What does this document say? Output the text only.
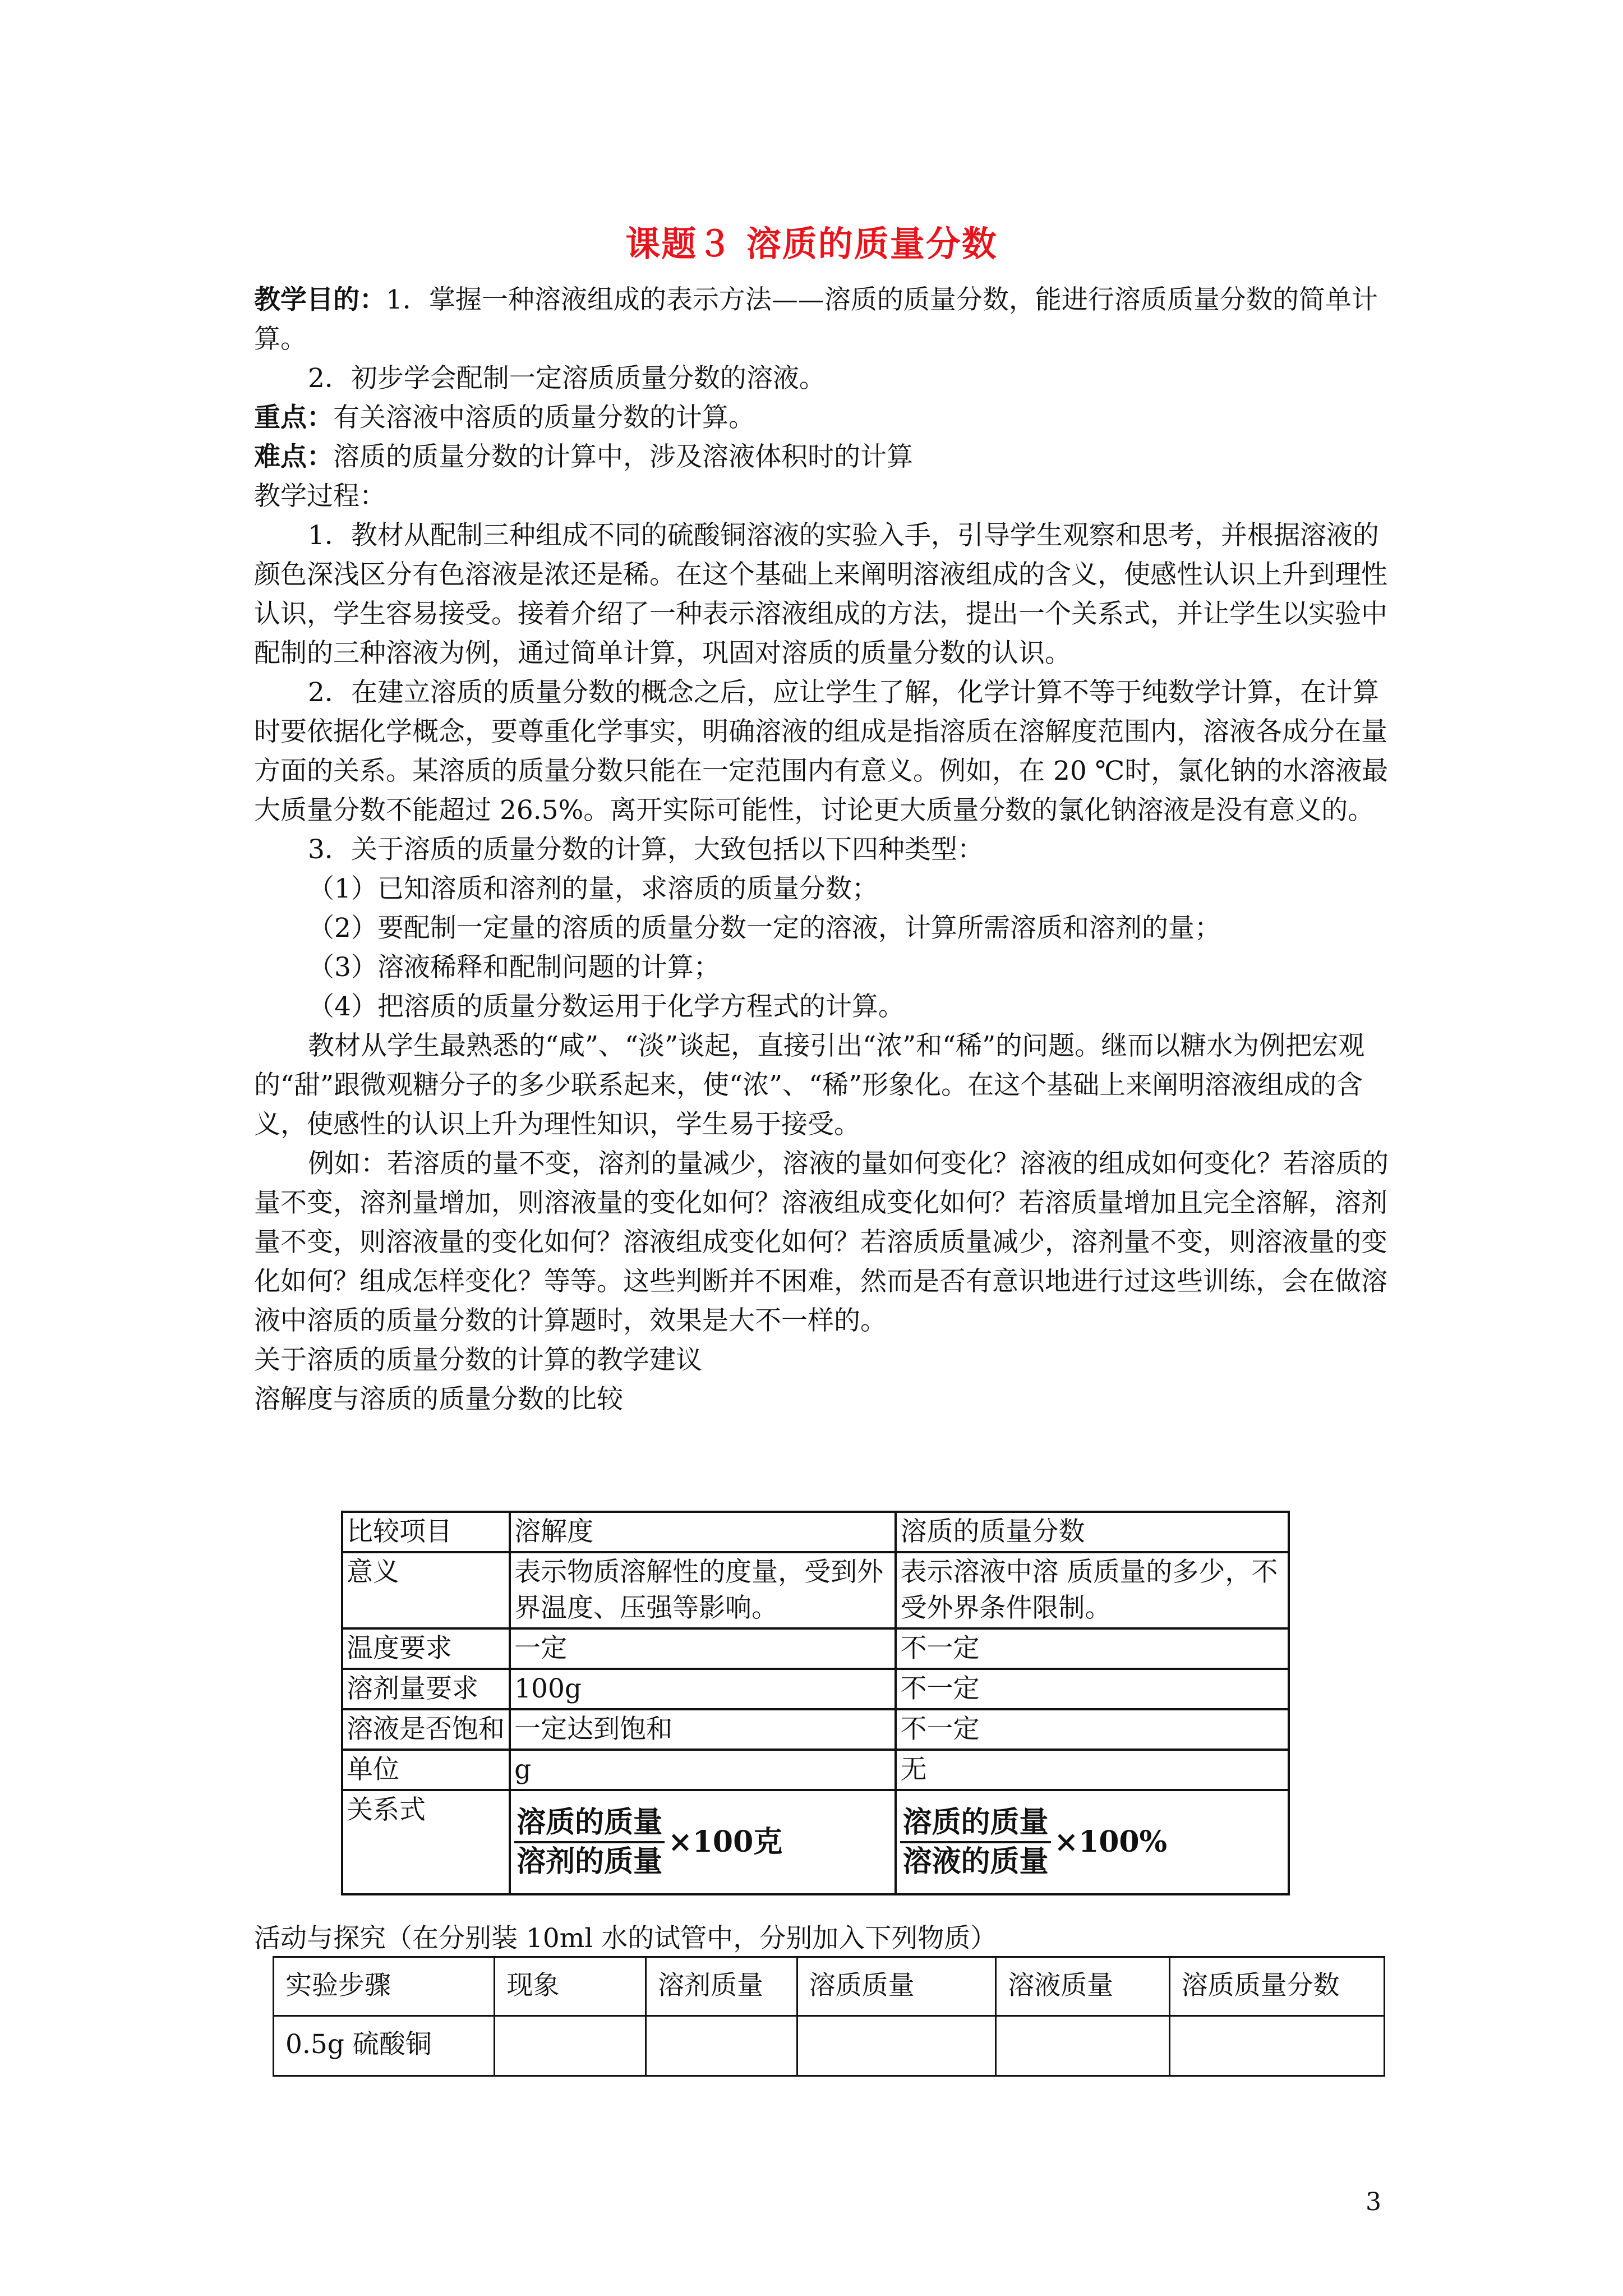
课题３ 溶质的质量分数

教学目的：1．掌握一种溶液组成的表示方法——溶质的质量分数，能进行溶质质量分数的简单计算。

2．初步学会配制一定溶质质量分数的溶液。

重点：有关溶液中溶质的质量分数的计算。

难点：溶质的质量分数的计算中，涉及溶液体积时的计算

教学过程：

1．教材从配制三种组成不同的硫酸铜溶液的实验入手，引导学生观察和思考，并根据溶液的颜色深浅区分有色溶液是浓还是稀。在这个基础上来阐明溶液组成的含义，使感性认识上升到理性认识，学生容易接受。接着介绍了一种表示溶液组成的方法，提出一个关系式，并让学生以实验中配制的三种溶液为例，通过简单计算，巩固对溶质的质量分数的认识。

2．在建立溶质的质量分数的概念之后，应让学生了解，化学计算不等于纯数学计算，在计算时要依据化学概念，要尊重化学事实，明确溶液的组成是指溶质在溶解度范围内，溶液各成分在量方面的关系。某溶质的质量分数只能在一定范围内有意义。例如，在 20 ℃时，氯化钠的水溶液最大质量分数不能超过 26.5%。离开实际可能性，讨论更大质量分数的氯化钠溶液是没有意义的。

3．关于溶质的质量分数的计算，大致包括以下四种类型：

（1）已知溶质和溶剂的量，求溶质的质量分数；

（2）要配制一定量的溶质的质量分数一定的溶液，计算所需溶质和溶剂的量；

（3）溶液稀释和配制问题的计算；

（4）把溶质的质量分数运用于化学方程式的计算。

教材从学生最熟悉的“咸”、“淡”谈起，直接引出“浓”和“稀”的问题。继而以糖水为例把宏观的“甜”跟微观糖分子的多少联系起来，使“浓”、“稀”形象化。在这个基础上来阐明溶液组成的含义，使感性的认识上升为理性知识，学生易于接受。

例如：若溶质的量不变，溶剂的量减少，溶液的量如何变化？溶液的组成如何变化？若溶质的量不变，溶剂量增加，则溶液量的变化如何？溶液组成变化如何？若溶质量增加且完全溶解，溶剂量不变，则溶液量的变化如何？溶液组成变化如何？若溶质质量减少，溶剂量不变，则溶液量的变化如何？组成怎样变化？等等。这些判断并不困难，然而是否有意识地进行过这些训练，会在做溶液中溶质的质量分数的计算题时，效果是大不一样的。

关于溶质的质量分数的计算的教学建议

溶解度与溶质的质量分数的比较

比较项目	溶解度	溶质的质量分数
意义	表示物质溶解性的度量，受到外界温度、压强等影响。	表示溶液中溶 质质量的多少，不受外界条件限制。
温度要求	一定	不一定
溶剂量要求	100g	不一定
溶液是否饱和	一定达到饱和	不一定
单位	g	无
关系式	$\frac{\text{溶质的质量}}{\text{溶剂的质量}} \times 100$克	$\frac{\text{溶质的质量}}{\text{溶液的质量}} \times 100\%$
活动与探究（在分别装 10ml 水的试管中，分别加入下列物质）
实验步骤	现象	溶剂质量	溶质质量	溶液质量	溶质质量分数
0.5g 硫酸铜					
3
